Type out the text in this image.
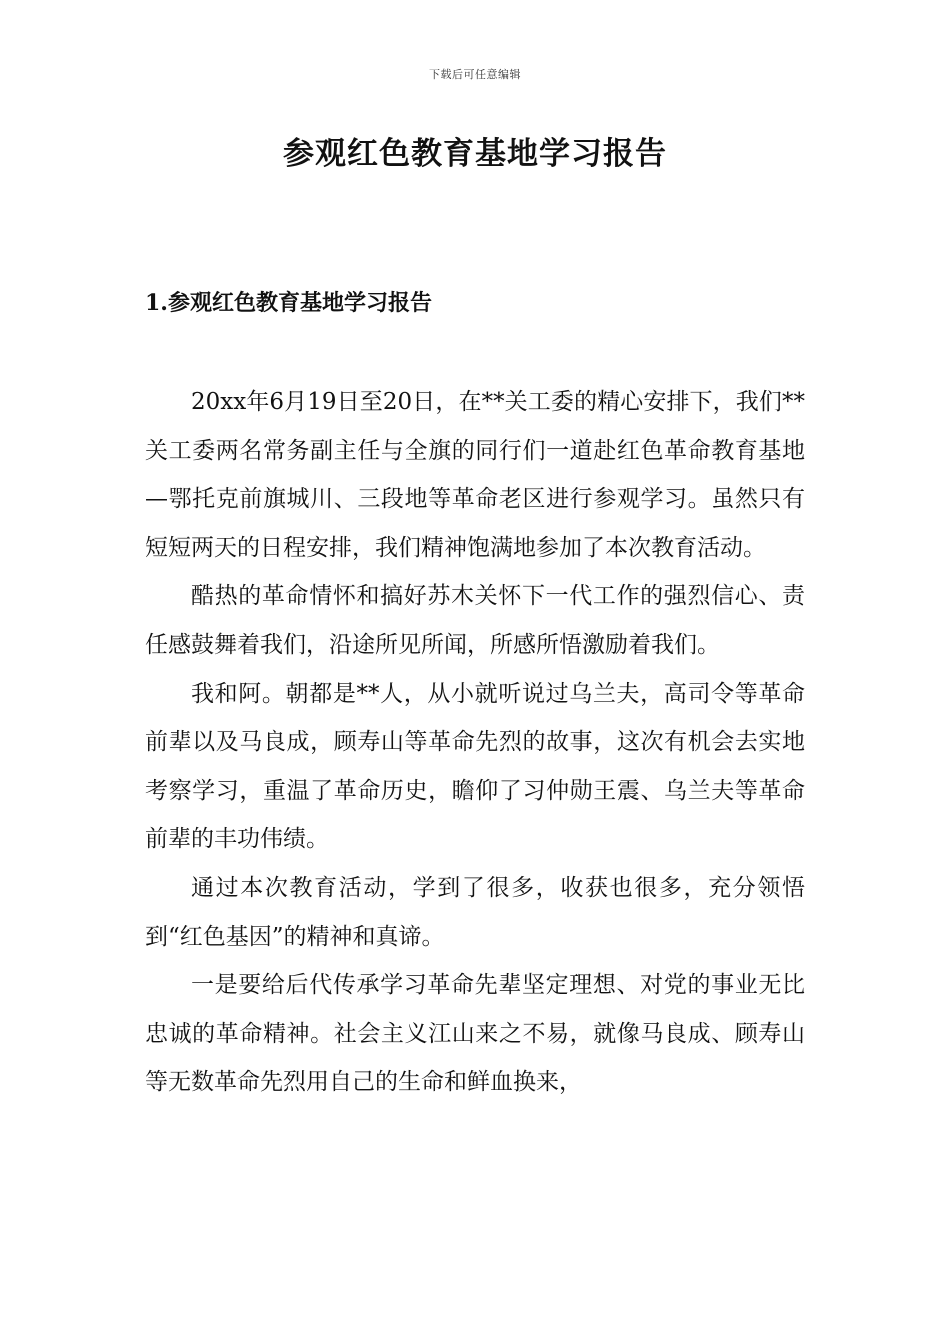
下载后可任意编辑
参观红色教育基地学习报告
1.参观红色教育基地学习报告

20xx年6月19日至20日，在**关工委的精心安排下，我们**关工委两名常务副主任与全旗的同行们一道赴红色革命教育基地—鄂托克前旗城川、三段地等革命老区进行参观学习。虽然只有短短两天的日程安排，我们精神饱满地参加了本次教育活动。

酷热的革命情怀和搞好苏木关怀下一代工作的强烈信心、责任感鼓舞着我们，沿途所见所闻，所感所悟激励着我们。

我和阿。朝都是**人，从小就听说过乌兰夫，高司令等革命前辈以及马良成，顾寿山等革命先烈的故事，这次有机会去实地考察学习，重温了革命历史，瞻仰了习仲勋王震、乌兰夫等革命前辈的丰功伟绩。

通过本次教育活动，学到了很多，收获也很多，充分领悟到“红色基因”的精神和真谛。

一是要给后代传承学习革命先辈坚定理想、对党的事业无比忠诚的革命精神。社会主义江山来之不易，就像马良成、顾寿山等无数革命先烈用自己的生命和鲜血换来，
